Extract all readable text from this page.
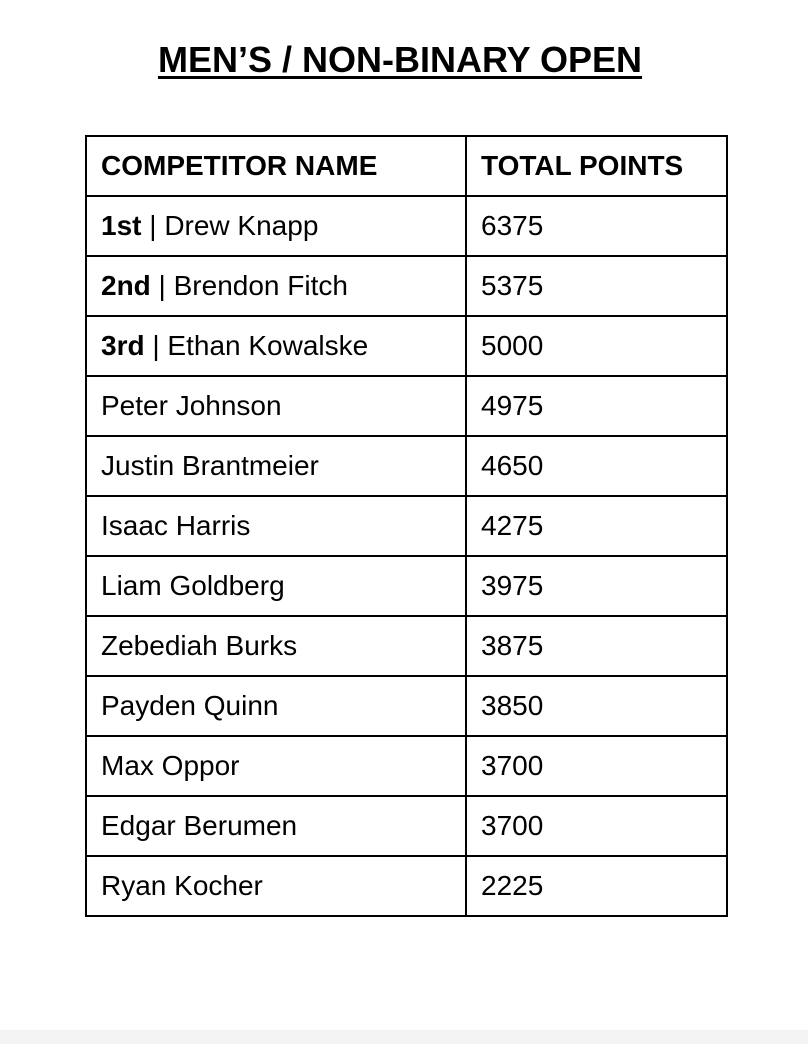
MEN’S / NON-BINARY OPEN
COMPETITOR NAME	TOTAL POINTS
1st | Drew Knapp	6375
2nd | Brendon Fitch	5375
3rd | Ethan Kowalske	5000
Peter Johnson	4975
Justin Brantmeier	4650
Isaac Harris	4275
Liam Goldberg	3975
Zebediah Burks	3875
Payden Quinn	3850
Max Oppor	3700
Edgar Berumen	3700
Ryan Kocher	2225
